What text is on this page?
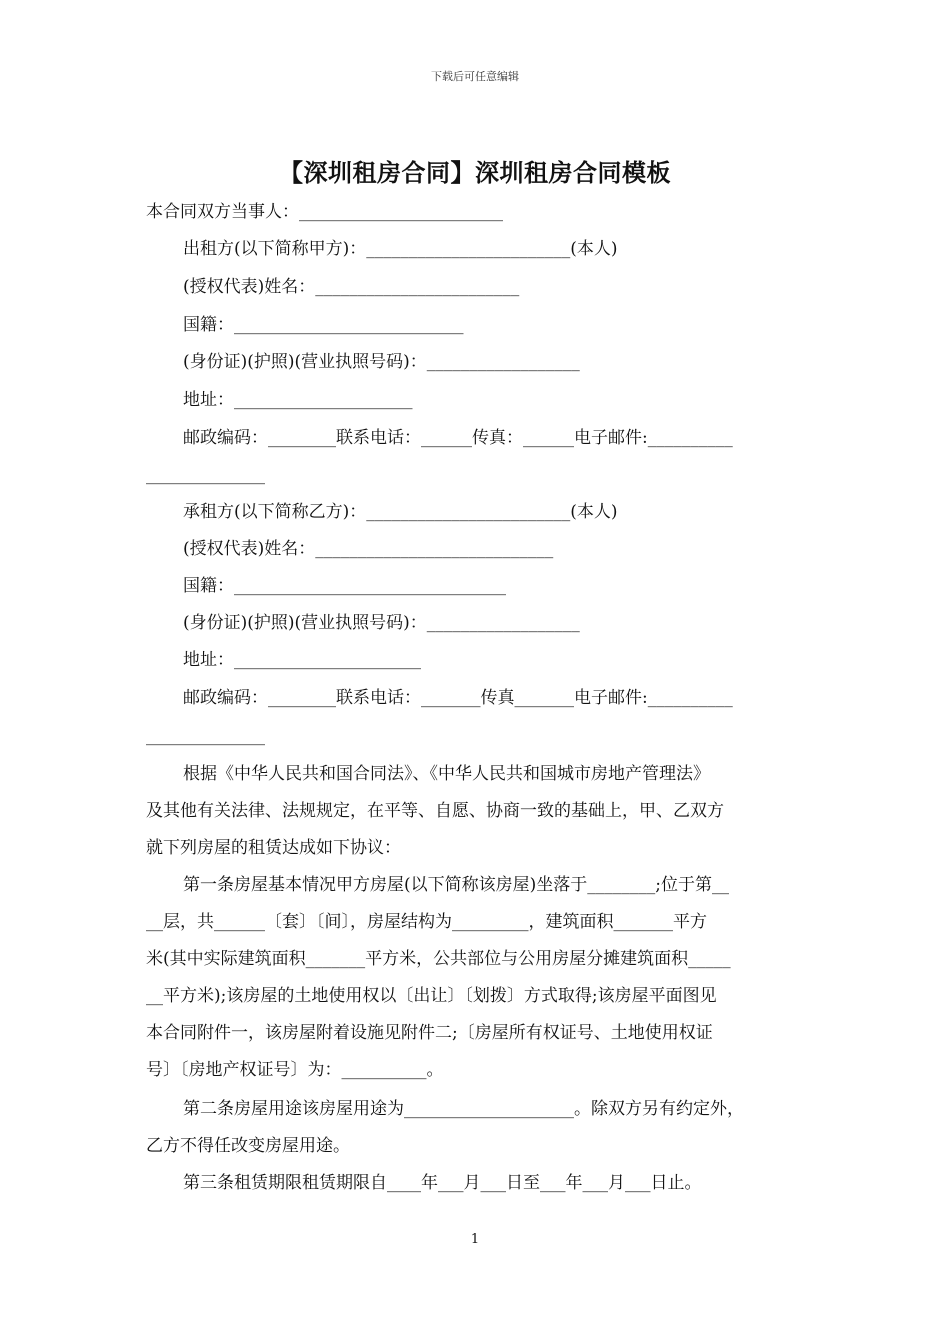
下载后可任意编辑
【深圳租房合同】深圳租房合同模板
本合同双方当事人：________________________
出租方(以下简称甲方)：________________________(本人)
(授权代表)姓名：________________________
国籍：___________________________
(身份证)(护照)(营业执照号码)：__________________
地址：_____________________
邮政编码：________联系电话：______传真：______电子邮件:__________
______________
承租方(以下简称乙方)：________________________(本人)
(授权代表)姓名：____________________________
国籍：________________________________
(身份证)(护照)(营业执照号码)：__________________
地址：______________________
邮政编码：________联系电话：_______传真_______电子邮件:__________
______________
根据《中华人民共和国合同法》、《中华人民共和国城市房地产管理法》
及其他有关法律、法规规定，在平等、自愿、协商一致的基础上，甲、乙双方
就下列房屋的租赁达成如下协议：
第一条房屋基本情况甲方房屋(以下简称该房屋)坐落于________;位于第__
__层，共______〔套〕〔间〕，房屋结构为_________，建筑面积_______平方
米(其中实际建筑面积_______平方米，公共部位与公用房屋分摊建筑面积_____
__平方米);该房屋的土地使用权以〔出让〕〔划拨〕方式取得;该房屋平面图见
本合同附件一，该房屋附着设施见附件二;〔房屋所有权证号、土地使用权证
号〕〔房地产权证号〕为：__________。
第二条房屋用途该房屋用途为____________________。除双方另有约定外，
乙方不得任改变房屋用途。
第三条租赁期限租赁期限自____年___月___日至___年___月___日止。
1
